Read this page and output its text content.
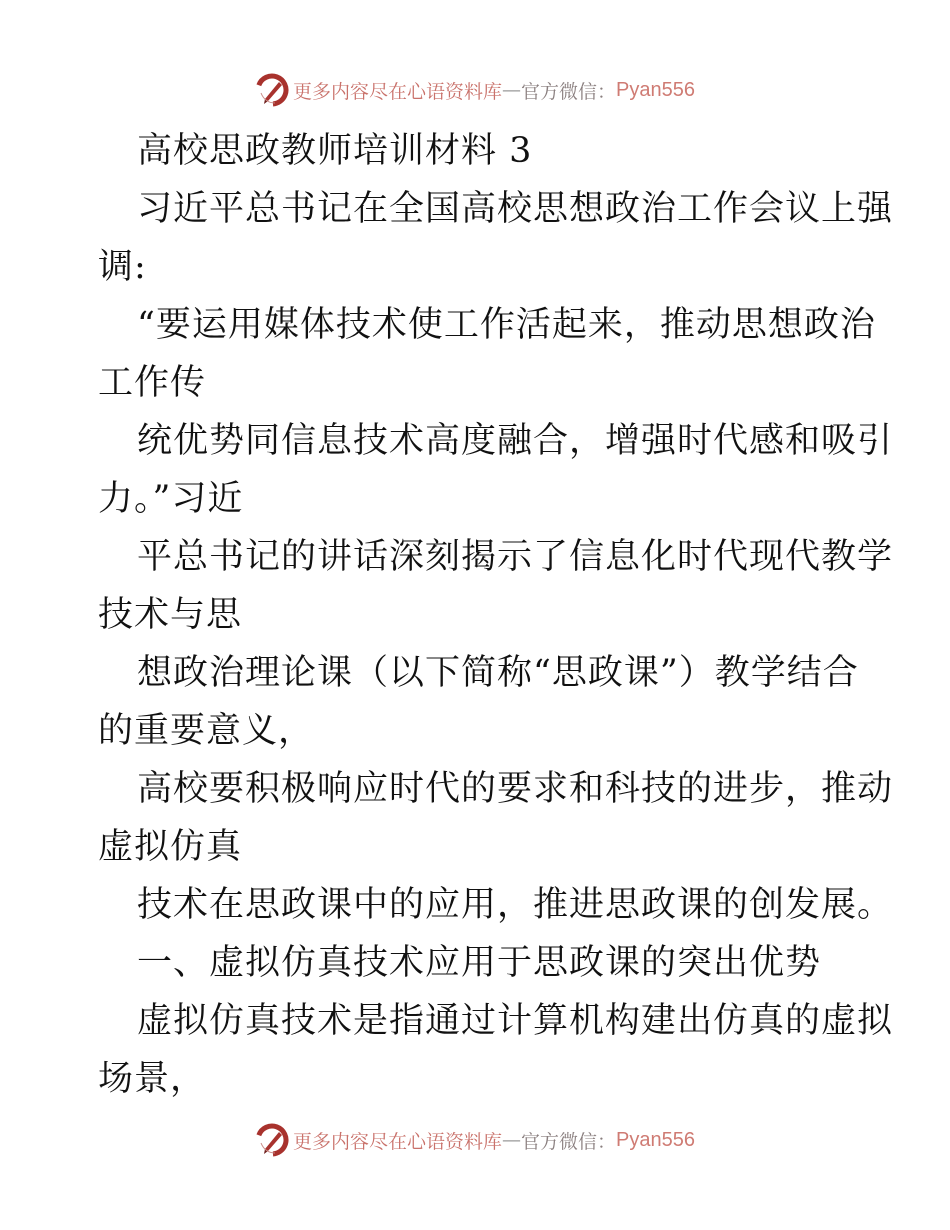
更多内容尽在心语资料库 — 官方微信： Pyan556
高校思政教师培训材料 3
习近平总书记在全国高校思想政治工作会议上强
调:
“要运用媒体技术使工作活起来，推动思想政治
工作传
统优势同信息技术高度融合，增强时代感和吸引
力。”习近
平总书记的讲话深刻揭示了信息化时代现代教学
技术与思
想政治理论课（以下简称“思政课”）教学结合
的重要意义，
高校要积极响应时代的要求和科技的进步，推动
虚拟仿真
技术在思政课中的应用，推进思政课的创发展。
一、虚拟仿真技术应用于思政课的突出优势
虚拟仿真技术是指通过计算机构建出仿真的虚拟
场景，
更多内容尽在心语资料库 — 官方微信： Pyan556
